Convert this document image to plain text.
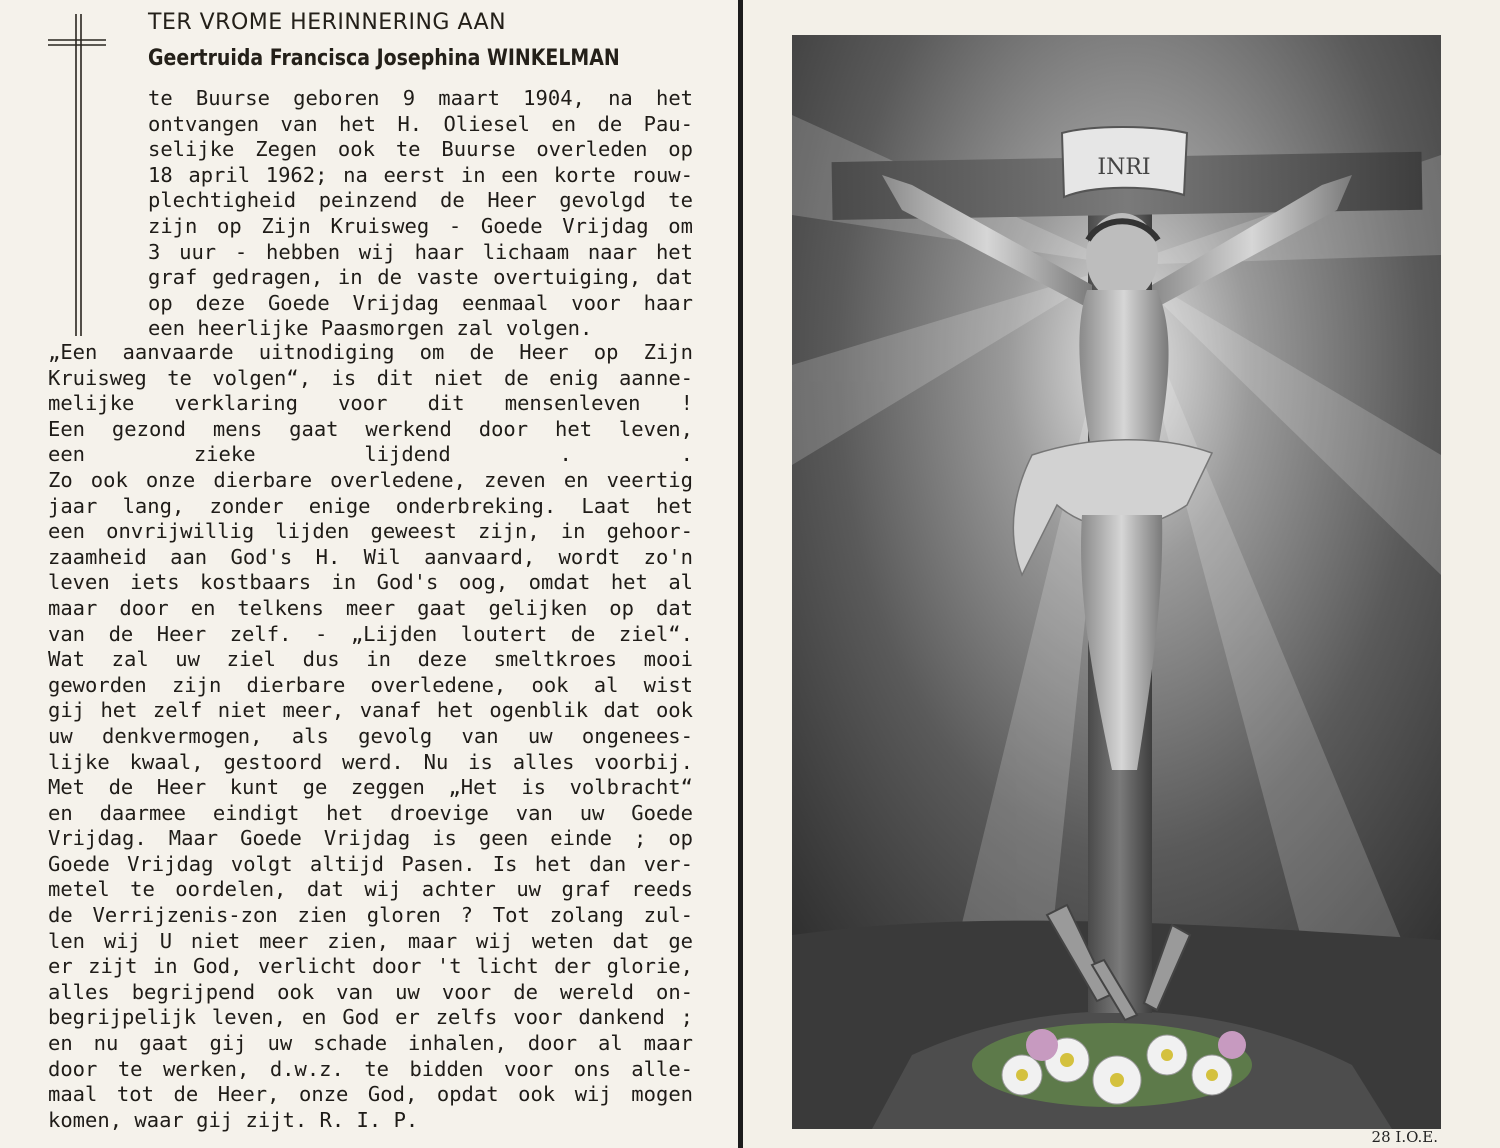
TER VROME HERINNERING AAN
Geertruida Francisca Josephina WINKELMAN
te Buurse geboren 9 maart 1904, na het
ontvangen van het H. Oliesel en de Pau-
selijke Zegen ook te Buurse overleden op
18 april 1962; na eerst in een korte rouw-
plechtigheid peinzend de Heer gevolgd te
zijn op Zijn Kruisweg - Goede Vrijdag om
3 uur - hebben wij haar lichaam naar het
graf gedragen, in de vaste overtuiging, dat
op deze Goede Vrijdag eenmaal voor haar
een heerlijke Paasmorgen zal volgen.
„Een aanvaarde uitnodiging om de Heer op Zijn
Kruisweg te volgen“, is dit niet de enig aanne-
melijke verklaring voor dit mensenleven !
Een gezond mens gaat werkend door het leven,
een zieke lijdend . .
Zo ook onze dierbare overledene, zeven en veertig
jaar lang, zonder enige onderbreking. Laat het
een onvrijwillig lijden geweest zijn, in gehoor-
zaamheid aan God's H. Wil aanvaard, wordt zo'n
leven iets kostbaars in God's oog, omdat het al
maar door en telkens meer gaat gelijken op dat
van de Heer zelf. - „Lijden loutert de ziel“.
Wat zal uw ziel dus in deze smeltkroes mooi
geworden zijn dierbare overledene, ook al wist
gij het zelf niet meer, vanaf het ogenblik dat ook
uw denkvermogen, als gevolg van uw ongenees-
lijke kwaal, gestoord werd. Nu is alles voorbij.
Met de Heer kunt ge zeggen „Het is volbracht“
en daarmee eindigt het droevige van uw Goede
Vrijdag. Maar Goede Vrijdag is geen einde ; op
Goede Vrijdag volgt altijd Pasen. Is het dan ver-
metel te oordelen, dat wij achter uw graf reeds
de Verrijzenis-zon zien gloren ? Tot zolang zul-
len wij U niet meer zien, maar wij weten dat ge
er zijt in God, verlicht door 't licht der glorie,
alles begrijpend ook van uw voor de wereld on-
begrijpelijk leven, en God er zelfs voor dankend ;
en nu gaat gij uw schade inhalen, door al maar
door te werken, d.w.z. te bidden voor ons alle-
maal tot de Heer, onze God, opdat ook wij mogen
komen, waar gij zijt. R. I. P.
INRI
28 I.O.E.
